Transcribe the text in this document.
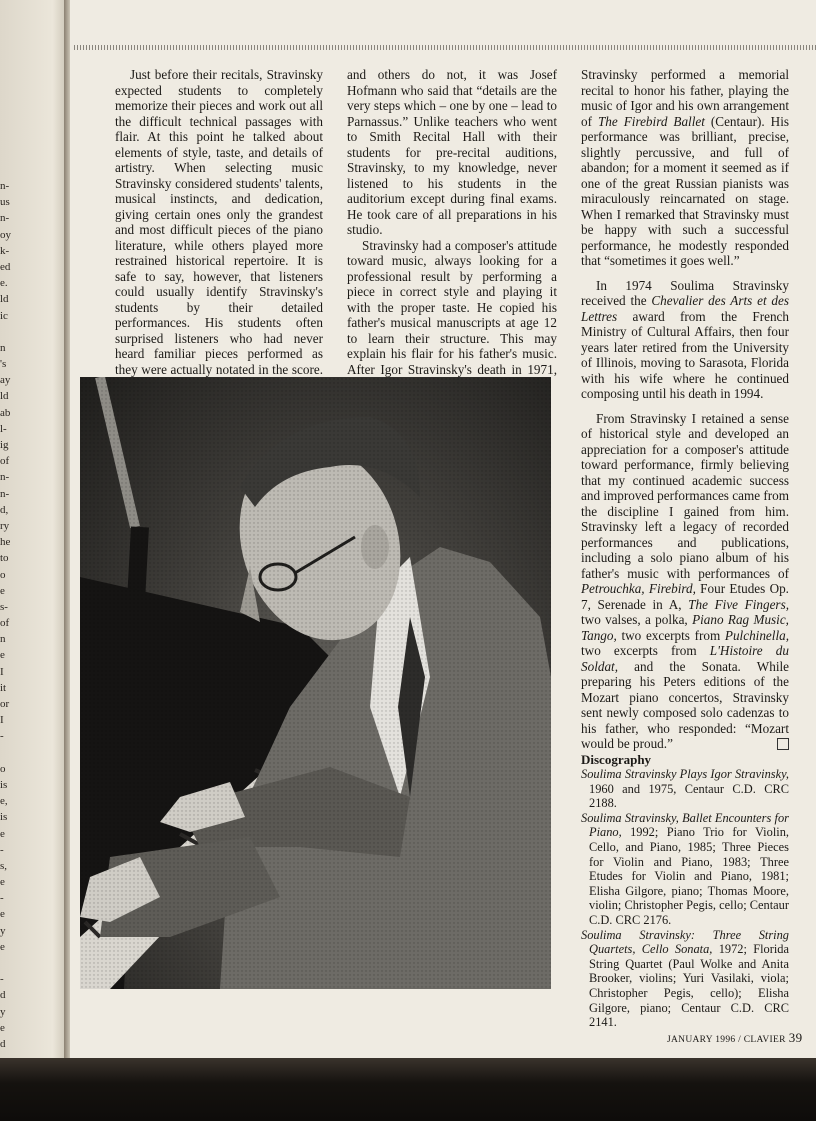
n-
us
n-
oy
k-
ed
e.
ld
ic
n
's
ay
ld
ab
l-
ig
of
n-
n-
d,
ry
he
to
o
e
s-
of
n
e
I
it
or
I
-
o
is
e,
is
e
-
s,
e
-
e
y
e
-
d
y
e
d

Just before their recitals, Stravinsky expected students to completely memorize their pieces and work out all the difficult technical passages with flair. At this point he talked about elements of style, taste, and details of artistry. When selecting music Stravinsky considered students' talents, musical instincts, and dedication, giving certain ones only the grandest and most difficult pieces of the piano literature, while others played more restrained historical repertoire. It is safe to say, however, that listeners could usually identify Stravinsky's students by their detailed performances. His students often surprised listeners who had never heard familiar pieces performed as they were actually notated in the score.

and others do not, it was Josef Hofmann who said that “details are the very steps which – one by one – lead to Parnassus.” Unlike teachers who went to Smith Recital Hall with their students for pre-recital auditions, Stravinsky, to my knowledge, never listened to his students in the auditorium except during final exams. He took care of all preparations in his studio.

Stravinsky had a composer's attitude toward music, always looking for a professional result by performing a piece in correct style and playing it with the proper taste. He copied his father's musical manuscripts at age 12 to learn their structure. This may explain his flair for his father's music. After Igor Stravinsky's death in 1971,

Stravinsky performed a memorial recital to honor his father, playing the music of Igor and his own arrangement of The Firebird Ballet (Centaur). His performance was brilliant, precise, slightly percussive, and full of abandon; for a moment it seemed as if one of the great Russian pianists was miraculously reincarnated on stage. When I remarked that Stravinsky must be happy with such a successful performance, he modestly responded that “sometimes it goes well.”

In 1974 Soulima Stravinsky received the Chevalier des Arts et des Lettres award from the French Ministry of Cultural Affairs, then four years later retired from the University of Illinois, moving to Sarasota, Florida with his wife where he continued composing until his death in 1994.

From Stravinsky I retained a sense of historical style and developed an appreciation for a composer's attitude toward performance, firmly believing that my continued academic success and improved performances came from the discipline I gained from him. Stravinsky left a legacy of recorded performances and publications, including a solo piano album of his father's music with performances of Petrouchka, Firebird, Four Etudes Op. 7, Serenade in A, The Five Fingers, two valses, a polka, Piano Rag Music, Tango, two excerpts from Pulchinella, two excerpts from L'Histoire du Soldat, and the Sonata. While preparing his Peters editions of the Mozart piano concertos, Stravinsky sent newly composed solo cadenzas to his father, who responded: “Mozart would be proud.”

Discography

Soulima Stravinsky Plays Igor Stravinsky, 1960 and 1975, Centaur C.D. CRC 2188.

Soulima Stravinsky, Ballet Encounters for Piano, 1992; Piano Trio for Violin, Cello, and Piano, 1985; Three Pieces for Violin and Piano, 1983; Three Etudes for Violin and Piano, 1981; Elisha Gilgore, piano; Thomas Moore, violin; Christopher Pegis, cello; Centaur C.D. CRC 2176.

Soulima Stravinsky: Three String Quartets, Cello Sonata, 1972; Florida String Quartet (Paul Wolke and Anita Brooker, violins; Yuri Vasilaki, viola; Christopher Pegis, cello); Elisha Gilgore, piano; Centaur C.D. CRC 2141.

JANUARY 1996 / CLAVIER 39
